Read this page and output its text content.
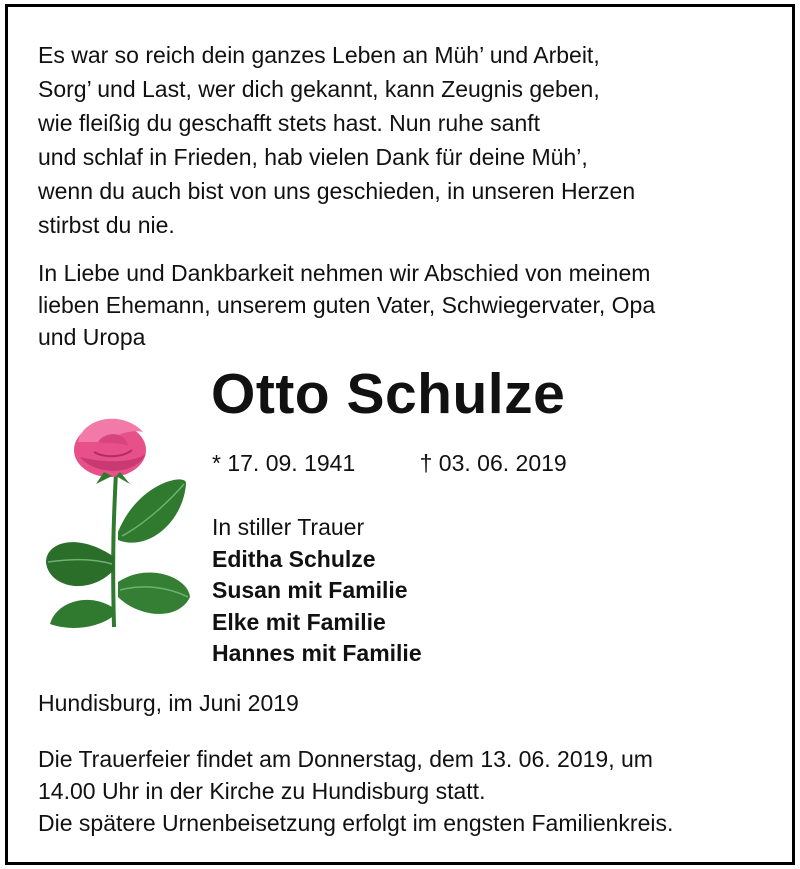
Es war so reich dein ganzes Leben an Müh’ und Arbeit,
Sorg’ und Last, wer dich gekannt, kann Zeugnis geben,
wie fleißig du geschafft stets hast. Nun ruhe sanft
und schlaf in Frieden, hab vielen Dank für deine Müh’,
wenn du auch bist von uns geschieden, in unseren Herzen
stirbst du nie.
In Liebe und Dankbarkeit nehmen wir Abschied von meinem
lieben Ehemann, unserem guten Vater, Schwiegervater, Opa
und Uropa
Otto Schulze
* 17. 09. 1941	† 03. 06. 2019
In stiller Trauer
Editha Schulze
Susan mit Familie
Elke mit Familie
Hannes mit Familie
Hundisburg, im Juni 2019
Die Trauerfeier findet am Donnerstag, dem 13. 06. 2019, um
14.00 Uhr in der Kirche zu Hundisburg statt.
Die spätere Urnenbeisetzung erfolgt im engsten Familienkreis.
